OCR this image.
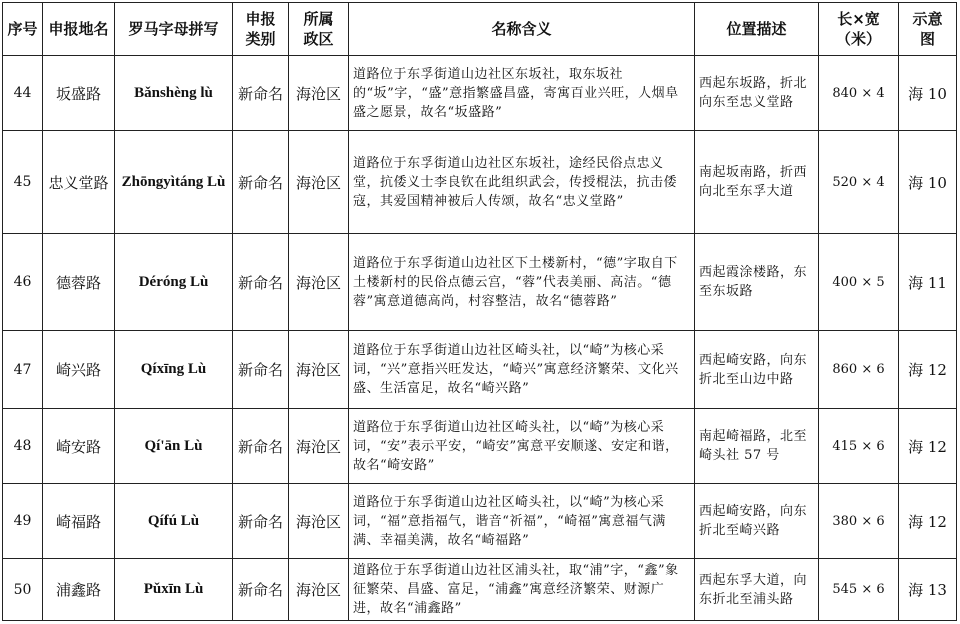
序号	申报地名	罗马字母拼写	申报类别	所属政区	名称含义	位置描述	长×宽（米）	示意图
44	坂盛路	Bǎnshèng lù	新命名	海沧区	道路位于东孚街道山边社区东坂社，取东坂社的“坂”字，“盛”意指繁盛昌盛，寄寓百业兴旺，人烟阜盛之愿景，故名“坂盛路”	西起东坂路，折北向东至忠义堂路	840 × 4	海 10
45	忠义堂路	Zhōngyìtáng Lù	新命名	海沧区	道路位于东孚街道山边社区东坂社，途经民俗点忠义堂，抗倭义士李良钦在此组织武会，传授棍法，抗击倭寇，其爱国精神被后人传颂，故名“忠义堂路”	南起坂南路，折西向北至东孚大道	520 × 4	海 10
46	德蓉路	Déróng Lù	新命名	海沧区	道路位于东孚街道山边社区下土楼新村，“德”字取自下土楼新村的民俗点德云宫，“蓉”代表美丽、高洁。“德蓉”寓意道德高尚，村容整洁，故名“德蓉路”	西起霞涂楼路，东至东坂路	400 × 5	海 11
47	崎兴路	Qíxīng Lù	新命名	海沧区	道路位于东孚街道山边社区崎头社，以“崎”为核心采词，“兴”意指兴旺发达，“崎兴”寓意经济繁荣、文化兴盛、生活富足，故名“崎兴路”	西起崎安路，向东折北至山边中路	860 × 6	海 12
48	崎安路	Qí'ān Lù	新命名	海沧区	道路位于东孚街道山边社区崎头社，以“崎”为核心采词，“安”表示平安，“崎安”寓意平安顺遂、安定和谐，故名“崎安路”	南起崎福路，北至崎头社 57 号	415 × 6	海 12
49	崎福路	Qífú Lù	新命名	海沧区	道路位于东孚街道山边社区崎头社，以“崎”为核心采词，“福”意指福气，谐音“祈福”，“崎福”寓意福气满满、幸福美满，故名“崎福路”	西起崎安路，向东折北至崎兴路	380 × 6	海 12
50	浦鑫路	Pǔxīn Lù	新命名	海沧区	道路位于东孚街道山边社区浦头社，取“浦”字，“鑫”象征繁荣、昌盛、富足，“浦鑫”寓意经济繁荣、财源广进，故名“浦鑫路”	西起东孚大道，向东折北至浦头路	545 × 6	海 13
